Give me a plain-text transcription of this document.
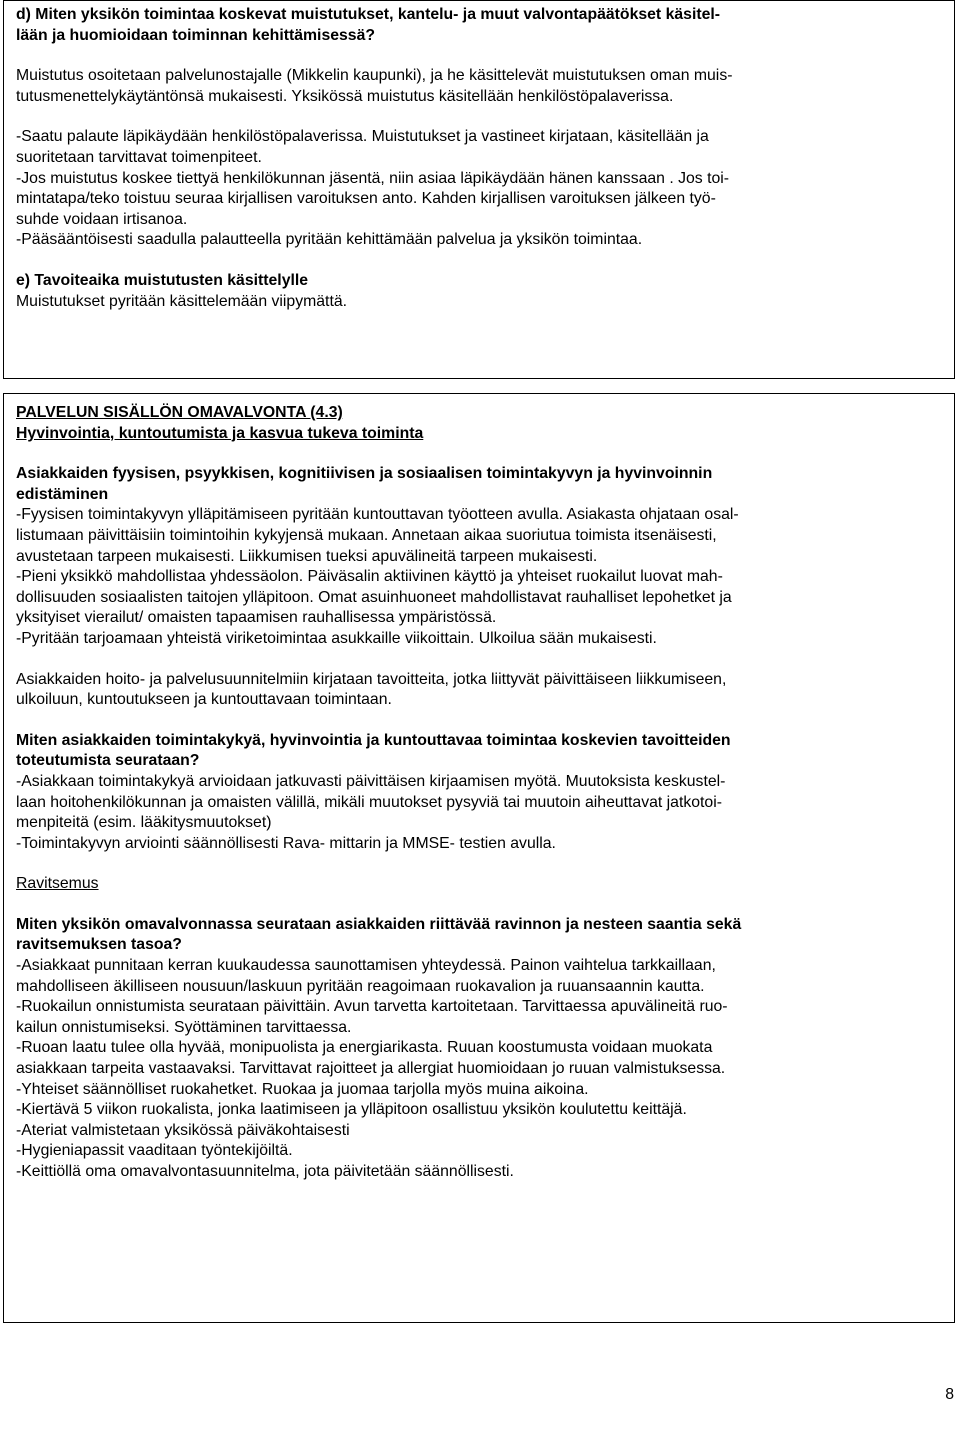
d) Miten yksikön toimintaa koskevat muistutukset, kantelu- ja muut valvontapäätökset käsitel-

lään ja huomioidaan toiminnan kehittämisessä?

Muistutus osoitetaan palvelunostajalle (Mikkelin kaupunki), ja he käsittelevät muistutuksen oman muis-

tutusmenettelykäytäntönsä mukaisesti. Yksikössä muistutus käsitellään henkilöstöpalaverissa.

-Saatu palaute läpikäydään henkilöstöpalaverissa. Muistutukset ja vastineet kirjataan, käsitellään ja

suoritetaan tarvittavat toimenpiteet.

-Jos muistutus koskee tiettyä henkilökunnan jäsentä, niin asiaa läpikäydään hänen kanssaan . Jos toi-

mintatapa/teko toistuu seuraa kirjallisen varoituksen anto. Kahden kirjallisen varoituksen jälkeen työ-

suhde voidaan irtisanoa.

-Pääsääntöisesti saadulla palautteella pyritään kehittämään palvelua ja yksikön toimintaa.

e) Tavoiteaika muistutusten käsittelylle

Muistutukset pyritään käsittelemään viipymättä.

PALVELUN SISÄLLÖN OMAVALVONTA (4.3)

Hyvinvointia, kuntoutumista ja kasvua tukeva toiminta

Asiakkaiden fyysisen, psyykkisen, kognitiivisen ja sosiaalisen toimintakyvyn ja hyvinvoinnin

edistäminen

-Fyysisen toimintakyvyn ylläpitämiseen pyritään kuntouttavan työotteen avulla. Asiakasta ohjataan osal-

listumaan päivittäisiin toimintoihin kykyjensä mukaan. Annetaan aikaa suoriutua toimista itsenäisesti,

avustetaan tarpeen mukaisesti. Liikkumisen tueksi apuvälineitä tarpeen mukaisesti.

-Pieni yksikkö mahdollistaa yhdessäolon. Päiväsalin aktiivinen käyttö ja yhteiset ruokailut luovat mah-

dollisuuden sosiaalisten taitojen ylläpitoon. Omat asuinhuoneet mahdollistavat rauhalliset lepohetket ja

yksityiset vierailut/ omaisten tapaamisen rauhallisessa ympäristössä.

-Pyritään tarjoamaan yhteistä viriketoimintaa asukkaille viikoittain. Ulkoilua sään mukaisesti.

Asiakkaiden hoito- ja palvelusuunnitelmiin kirjataan tavoitteita, jotka liittyvät päivittäiseen liikkumiseen,

ulkoiluun, kuntoutukseen ja kuntouttavaan toimintaan.

Miten asiakkaiden toimintakykyä, hyvinvointia ja kuntouttavaa toimintaa koskevien tavoitteiden

toteutumista seurataan?

-Asiakkaan toimintakykyä arvioidaan jatkuvasti päivittäisen kirjaamisen myötä. Muutoksista keskustel-

laan hoitohenkilökunnan ja omaisten välillä, mikäli muutokset pysyviä tai muutoin aiheuttavat jatkotoi-

menpiteitä (esim. lääkitysmuutokset)

-Toimintakyvyn arviointi säännöllisesti Rava- mittarin ja MMSE- testien avulla.

Ravitsemus

Miten yksikön omavalvonnassa seurataan asiakkaiden riittävää ravinnon ja nesteen saantia sekä

ravitsemuksen tasoa?

-Asiakkaat punnitaan kerran kuukaudessa saunottamisen yhteydessä. Painon vaihtelua tarkkaillaan,

mahdolliseen äkilliseen nousuun/laskuun pyritään reagoimaan ruokavalion ja ruuansaannin kautta.

-Ruokailun onnistumista seurataan päivittäin. Avun tarvetta kartoitetaan. Tarvittaessa apuvälineitä ruo-

kailun onnistumiseksi. Syöttäminen tarvittaessa.

-Ruoan laatu tulee olla hyvää, monipuolista ja energiarikasta. Ruuan koostumusta voidaan muokata

asiakkaan tarpeita vastaavaksi. Tarvittavat rajoitteet ja allergiat huomioidaan jo ruuan valmistuksessa.

-Yhteiset säännölliset ruokahetket. Ruokaa ja juomaa tarjolla myös muina aikoina.

-Kiertävä 5 viikon ruokalista, jonka laatimiseen ja ylläpitoon osallistuu yksikön koulutettu keittäjä.

-Ateriat valmistetaan yksikössä päiväkohtaisesti

-Hygieniapassit vaaditaan työntekijöiltä.

-Keittiöllä oma omavalvontasuunnitelma, jota päivitetään säännöllisesti.

8
